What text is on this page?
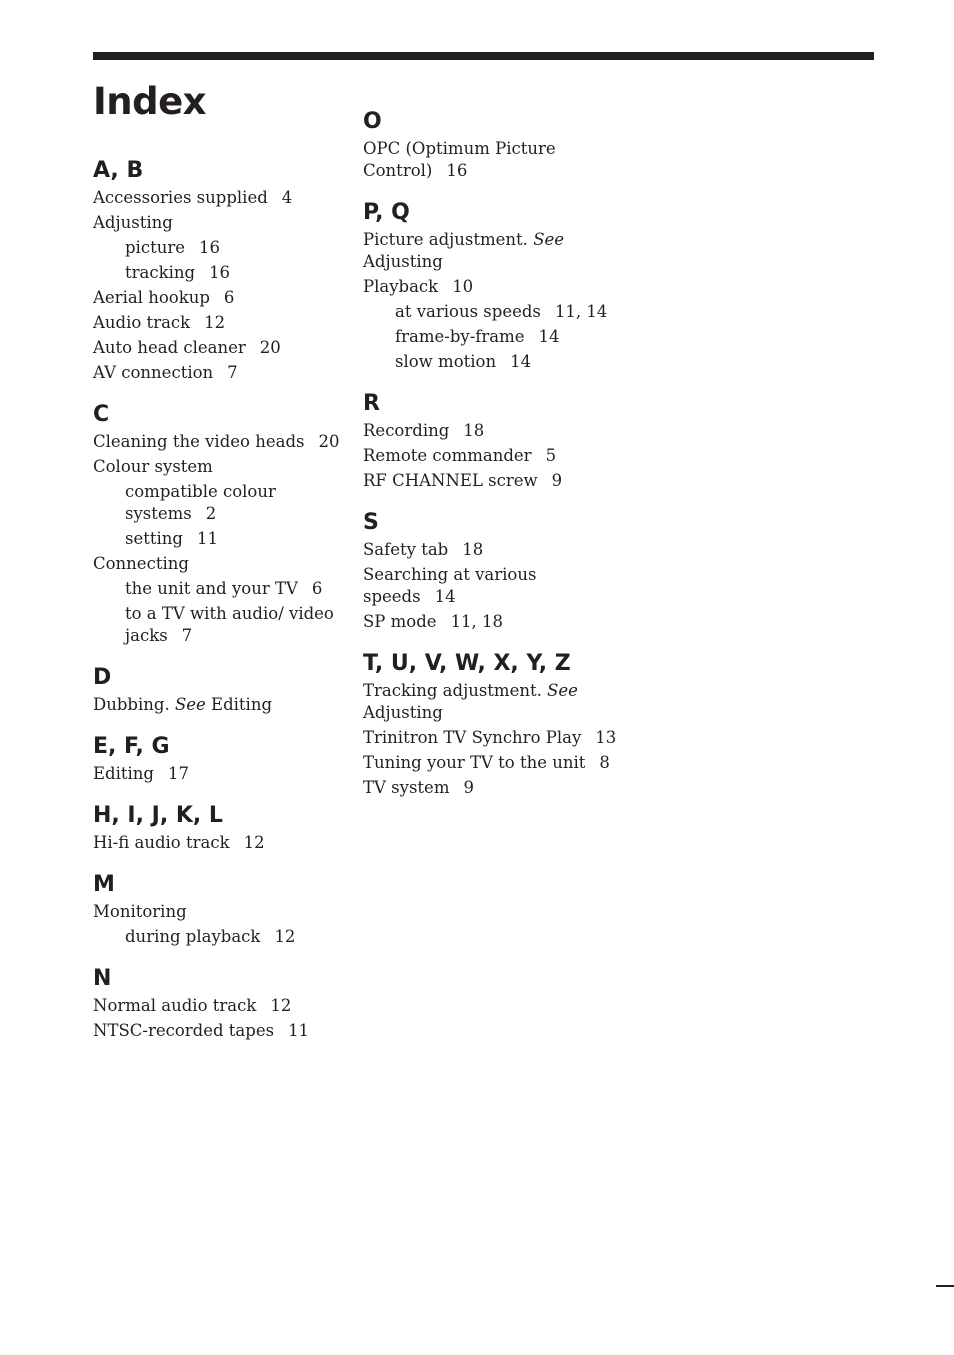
Index
A, B
Accessories supplied 4
Adjusting
picture 16
tracking 16
Aerial hookup 6
Audio track 12
Auto head cleaner 20
AV connection 7
C
Cleaning the video heads 20
Colour system
compatible colour systems 2
setting 11
Connecting
the unit and your TV 6
to a TV with audio/ video jacks 7
D
Dubbing. See Editing
E, F, G
Editing 17
H, I, J, K, L
Hi-fi audio track 12
M
Monitoring
during playback 12
N
Normal audio track 12
NTSC-recorded tapes 11
O
OPC (Optimum Picture Control) 16
P, Q
Picture adjustment. See Adjusting
Playback 10
at various speeds 11, 14
frame-by-frame 14
slow motion 14
R
Recording 18
Remote commander 5
RF CHANNEL screw 9
S
Safety tab 18
Searching at various speeds 14
SP mode 11, 18
T, U, V, W, X, Y, Z
Tracking adjustment. See Adjusting
Trinitron TV Synchro Play 13
Tuning your TV to the unit 8
TV system 9
